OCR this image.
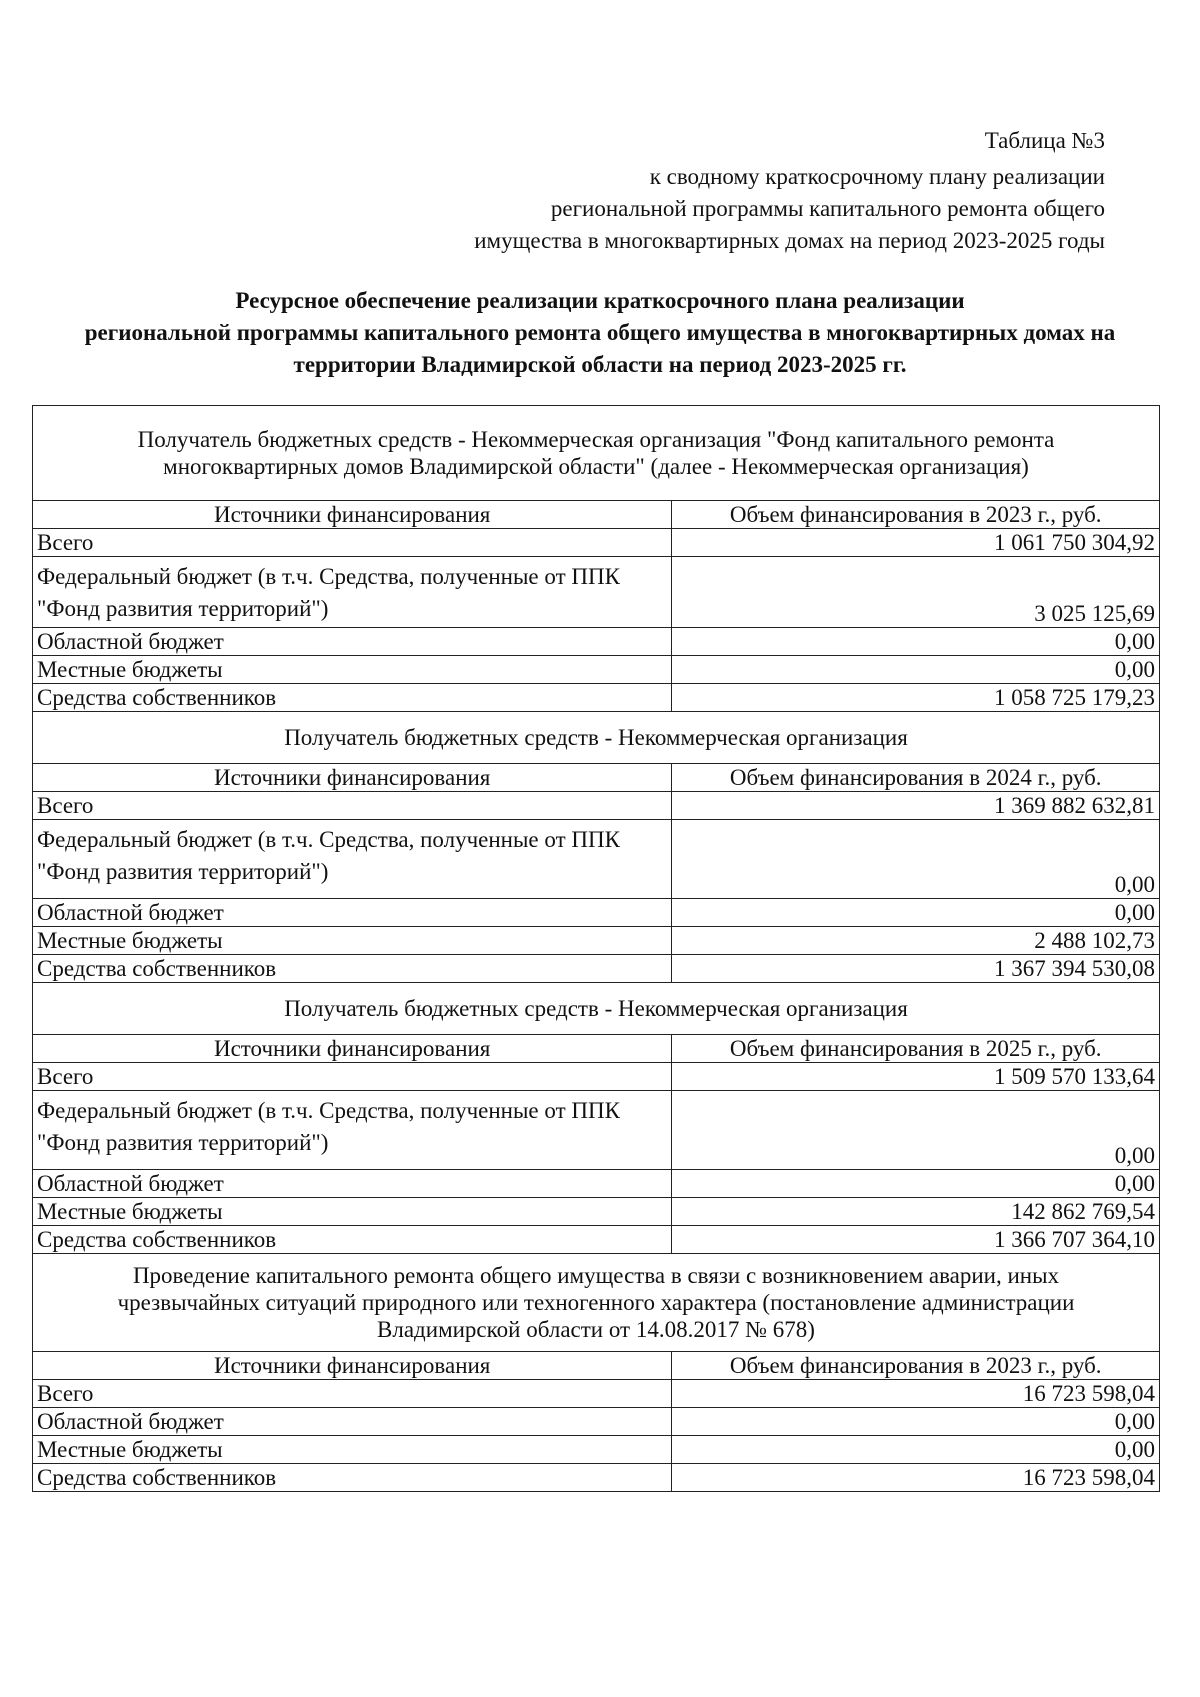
Таблица №3
к сводному краткосрочному плану реализации
региональной программы капитального ремонта общего
имущества в многоквартирных домах на период 2023-2025 годы
Ресурсное обеспечение реализации краткосрочного плана реализации
региональной программы капитального ремонта общего имущества в многоквартирных домах на
территории Владимирской области на период 2023-2025 гг.
Получатель бюджетных средств - Некоммерческая организация "Фонд капитального ремонта
многоквартирных домов Владимирской области" (далее - Некоммерческая организация)	

Источники финансирования	Объем финансирования в 2023 г., руб.

Всего	1 061 750 304,92

Федеральный бюджет (в т.ч. Средства, полученные от ППК
"Фонд развития территорий")	3 025 125,69

Областной бюджет	0,00

Местные бюджеты	0,00

Средства собственников	1 058 725 179,23

Получатель бюджетных средств - Некоммерческая организация	

Источники финансирования	Объем финансирования в 2024 г., руб.

Всего	1 369 882 632,81

Федеральный бюджет (в т.ч. Средства, полученные от ППК
"Фонд развития территорий")	0,00

Областной бюджет	0,00

Местные бюджеты	2 488 102,73

Средства собственников	1 367 394 530,08

Получатель бюджетных средств - Некоммерческая организация	

Источники финансирования	Объем финансирования в 2025 г., руб.

Всего	1 509 570 133,64

Федеральный бюджет (в т.ч. Средства, полученные от ППК
"Фонд развития территорий")	0,00

Областной бюджет	0,00

Местные бюджеты	142 862 769,54

Средства собственников	1 366 707 364,10

Проведение капитального ремонта общего имущества в связи с возникновением аварии, иных
чрезвычайных ситуаций природного или техногенного характера (постановление администрации
Владимирской области от 14.08.2017 № 678)	

Источники финансирования	Объем финансирования в 2023 г., руб.

Всего	16 723 598,04

Областной бюджет	0,00

Местные бюджеты	0,00

Средства собственников	16 723 598,04
